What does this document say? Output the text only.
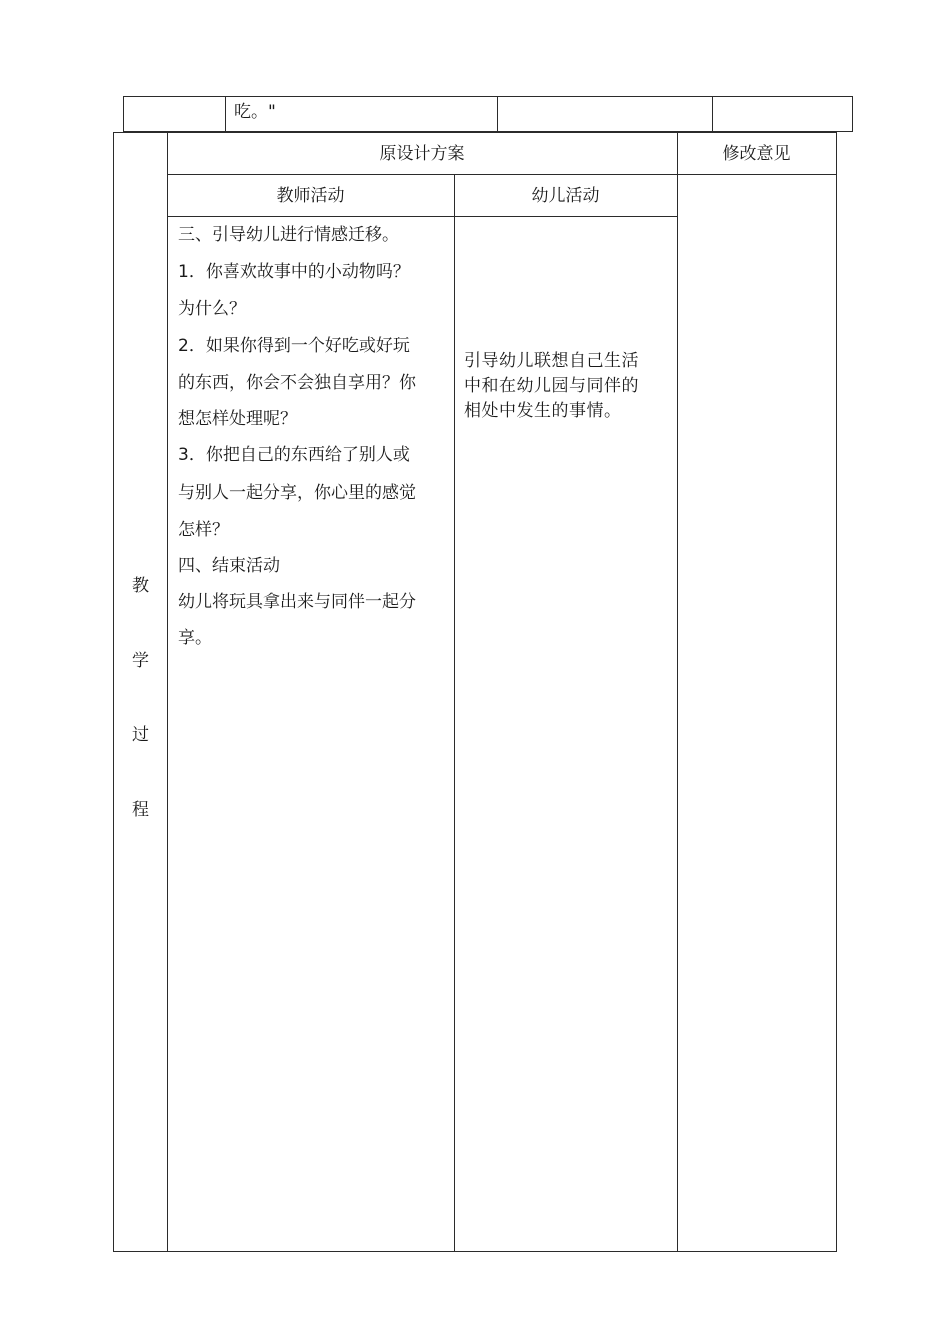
吃。"
原设计方案	修改意见
教师活动	幼儿活动
教
学
过
程
三、引导幼儿进行情感迁移。
1．你喜欢故事中的小动物吗？
为什么？
2．如果你得到一个好吃或好玩
的东西，你会不会独自享用？你
想怎样处理呢？
3．你把自己的东西给了别人或
与别人一起分享，你心里的感觉
怎样？
四、结束活动
幼儿将玩具拿出来与同伴一起分
享。
引导幼儿联想自己生活
中和在幼儿园与同伴的
相处中发生的事情。
